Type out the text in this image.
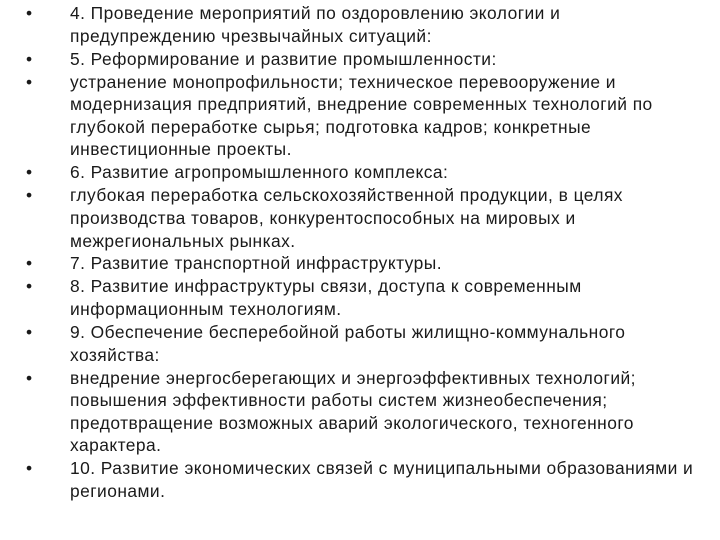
•	4. Проведение мероприятий по оздоровлению экологии и предупреждению чрезвычайных ситуаций:
•	5. Реформирование и развитие промышленности:
•	устранение монопрофильности; техническое перевооружение и модернизация предприятий, внедрение современных технологий по глубокой переработке сырья; подготовка кадров; конкретные инвестиционные проекты.
•	6. Развитие агропромышленного комплекса:
•	глубокая переработка сельскохозяйственной продукции, в целях производства товаров, конкурентоспособных на мировых и межрегиональных рынках.
•	7. Развитие транспортной инфраструктуры.
•	8. Развитие инфраструктуры связи, доступа к современным информационным технологиям.
•	9. Обеспечение бесперебойной работы жилищно-коммунального хозяйства:
•	внедрение энергосберегающих и энергоэффективных технологий; повышения эффективности работы систем жизнеобеспечения; предотвращение возможных аварий экологического, техногенного характера.
•	10. Развитие экономических связей с муниципальными образованиями и регионами.
